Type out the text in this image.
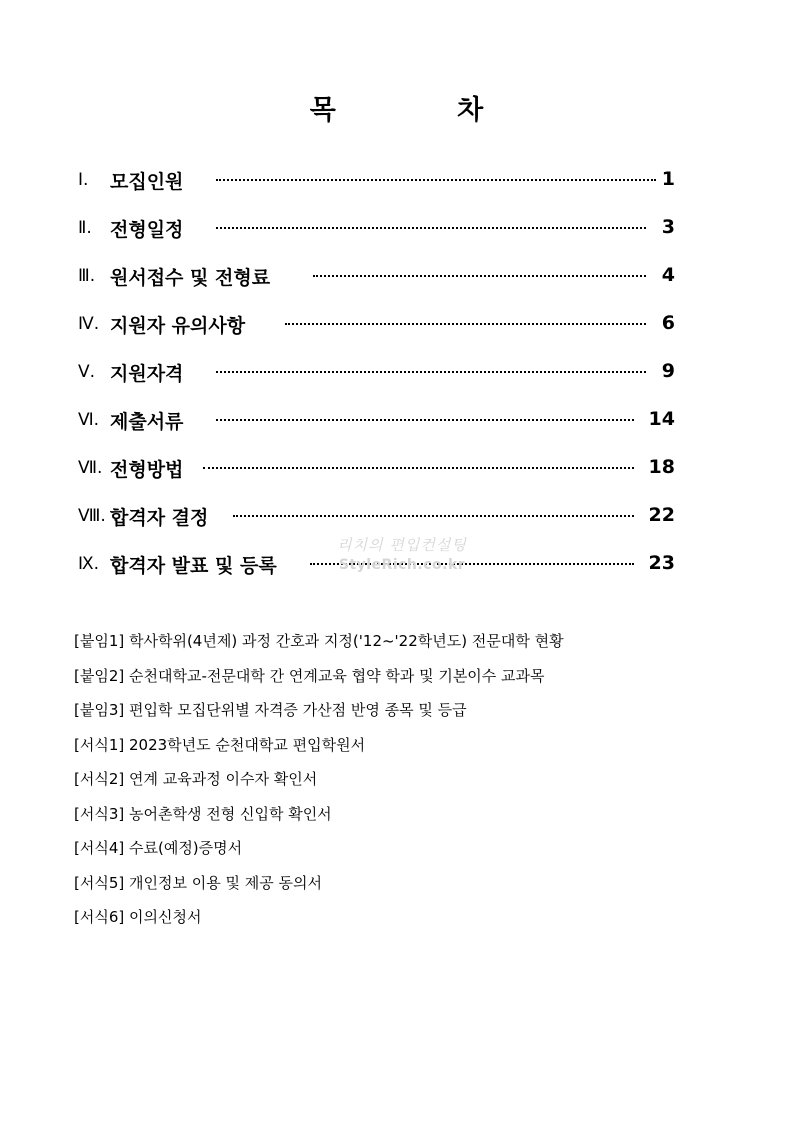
목 차
Ⅰ.	모집인원	1
Ⅱ. 전형일정	3
Ⅲ. 원서접수 및 전형료	4
Ⅳ. 지원자 유의사항	6
Ⅴ. 지원자격	9
Ⅵ. 제출서류	14
Ⅶ. 전형방법	18
Ⅷ. 합격자 결정	22
Ⅸ. 합격자 발표 및 등록	23
리치의 편입컨설팅
StyleRich.co.kr
[붙임1] 학사학위(4년제) 과정 간호과 지정('12~'22학년도) 전문대학 현황
[붙임2] 순천대학교-전문대학 간 연계교육 협약 학과 및 기본이수 교과목
[붙임3] 편입학 모집단위별 자격증 가산점 반영 종목 및 등급
[서식1] 2023학년도 순천대학교 편입학원서
[서식2] 연계 교육과정 이수자 확인서
[서식3] 농어촌학생 전형 신입학 확인서
[서식4] 수료(예정)증명서
[서식5] 개인정보 이용 및 제공 동의서
[서식6] 이의신청서
